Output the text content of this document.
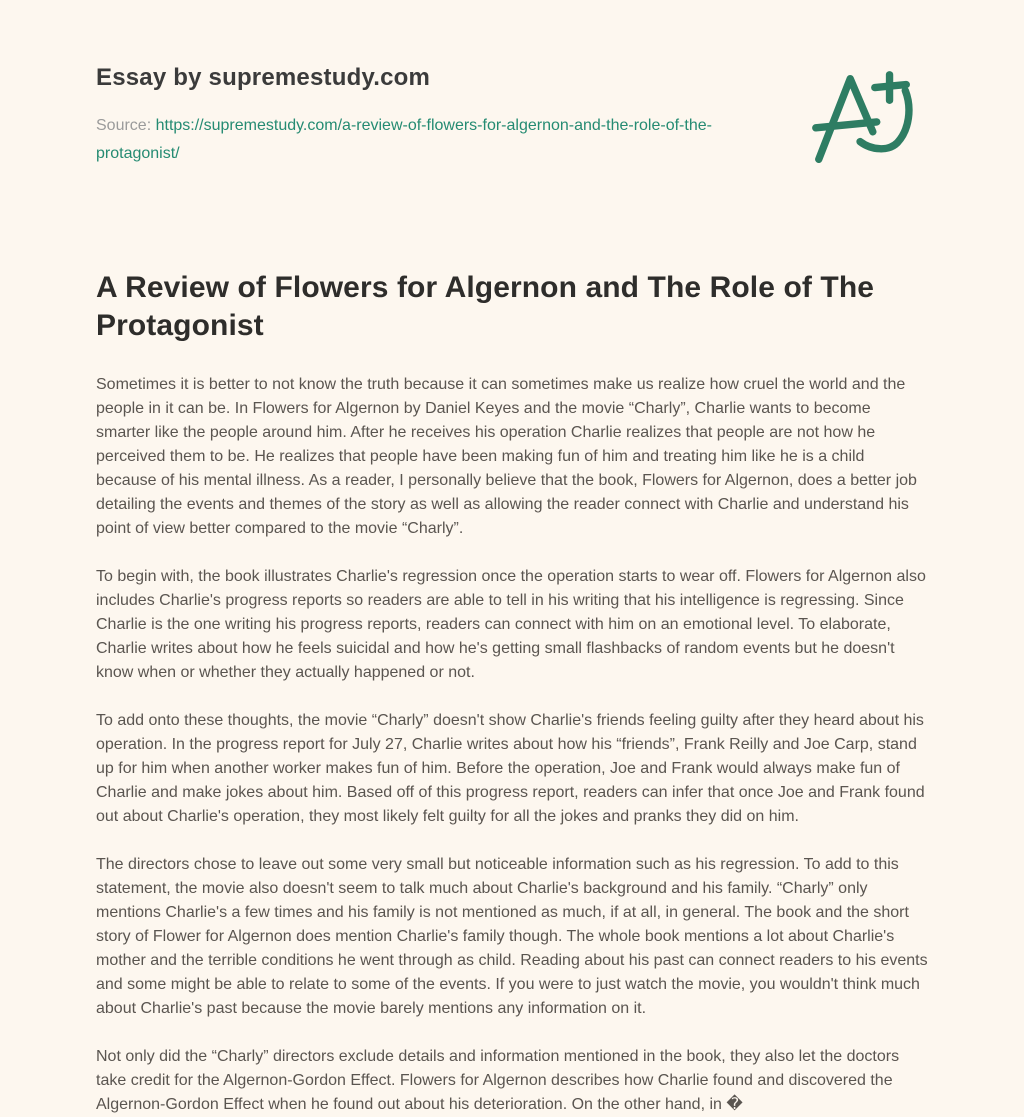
Essay by supremestudy.com

Source: https://supremestudy.com/a-review-of-flowers-for-algernon-and-the-role-of-the-protagonist/

A Review of Flowers for Algernon and The Role of The Protagonist

Sometimes it is better to not know the truth because it can sometimes make us realize how cruel the world and the people in it can be. In Flowers for Algernon by Daniel Keyes and the movie “Charly”, Charlie wants to become smarter like the people around him. After he receives his operation Charlie realizes that people are not how he perceived them to be. He realizes that people have been making fun of him and treating him like he is a child because of his mental illness. As a reader, I personally believe that the book, Flowers for Algernon, does a better job detailing the events and themes of the story as well as allowing the reader connect with Charlie and understand his point of view better compared to the movie “Charly”.

To begin with, the book illustrates Charlie's regression once the operation starts to wear off. Flowers for Algernon also includes Charlie's progress reports so readers are able to tell in his writing that his intelligence is regressing. Since Charlie is the one writing his progress reports, readers can connect with him on an emotional level. To elaborate, Charlie writes about how he feels suicidal and how he's getting small flashbacks of random events but he doesn't know when or whether they actually happened or not.

To add onto these thoughts, the movie “Charly” doesn't show Charlie's friends feeling guilty after they heard about his operation. In the progress report for July 27, Charlie writes about how his “friends”, Frank Reilly and Joe Carp, stand up for him when another worker makes fun of him. Before the operation, Joe and Frank would always make fun of Charlie and make jokes about him. Based off of this progress report, readers can infer that once Joe and Frank found out about Charlie's operation, they most likely felt guilty for all the jokes and pranks they did on him.

The directors chose to leave out some very small but noticeable information such as his regression. To add to this statement, the movie also doesn't seem to talk much about Charlie's background and his family. “Charly” only mentions Charlie's a few times and his family is not mentioned as much, if at all, in general. The book and the short story of Flower for Algernon does mention Charlie's family though. The whole book mentions a lot about Charlie's mother and the terrible conditions he went through as child. Reading about his past can connect readers to his events and some might be able to relate to some of the events. If you were to just watch the movie, you wouldn't think much about Charlie's past because the movie barely mentions any information on it.

Not only did the “Charly” directors exclude details and information mentioned in the book, they also let the doctors take credit for the Algernon-Gordon Effect. Flowers for Algernon describes how Charlie found and discovered the Algernon-Gordon Effect when he found out about his deterioration. On the other hand, in �
